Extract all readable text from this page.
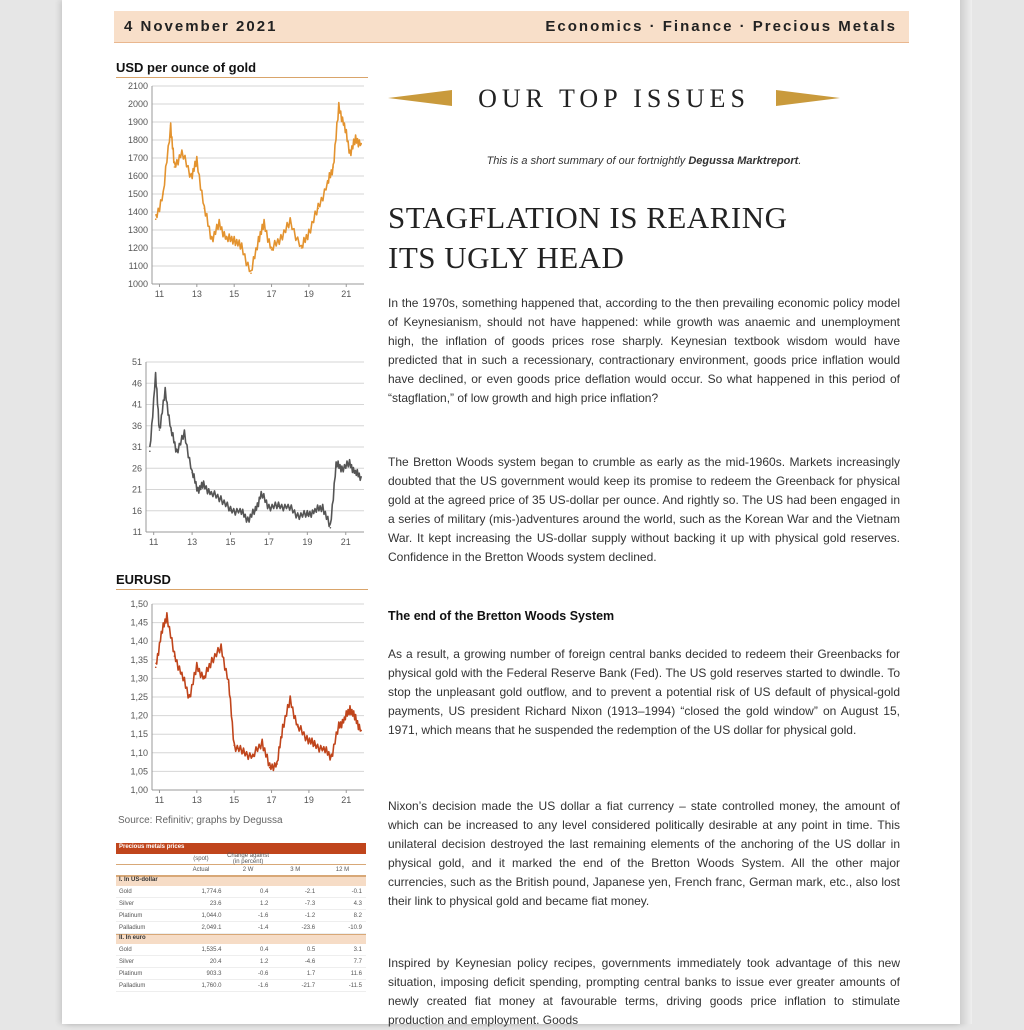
4 November 2021	Economics · Finance · Precious Metals
USD per ounce of gold
1000
1100
1200
1300
1400
1500
1600
1700
1800
1900
2000
2100
11	13	15	17	19	21
11
16
21
26
31
36
41
46
51
11	13	15	17	19	21
EURUSD
1,00
1,05
1,10
1,15
1,20
1,25
1,30
1,35
1,40
1,45
1,50
11	13	15	17	19	21
Source: Refinitiv; graphs by Degussa
Precious metals prices
(spot)	Change against (in percent)
Actual	2 W	3 M	12 M
I. In US-dollar
Gold	1,774.6	0.4	-2.1	-0.1
Silver	23.6	1.2	-7.3	4.3
Platinum	1,044.0	-1.6	-1.2	8.2
Palladium	2,049.1	-1.4	-23.6	-10.9
II. In euro
Gold	1,535.4	0.4	0.5	3.1
Silver	20.4	1.2	-4.6	7.7
Platinum	903.3	-0.6	1.7	11.6
Palladium	1,760.0	-1.6	-21.7	-11.5
OUR TOP ISSUES
This is a short summary of our fortnightly Degussa Marktreport.
STAGFLATION IS REARING
ITS UGLY HEAD
In the 1970s, something happened that, according to the then prevailing economic policy model of Keynesianism, should not have happened: while growth was anaemic and unemployment high, the inflation of goods prices rose sharply. Keynesian textbook wisdom would have predicted that in such a recessionary, contractionary environment, goods price inflation would have declined, or even goods price deflation would occur. So what happened in this period of “stagflation,” of low growth and high price inflation?
The Bretton Woods system began to crumble as early as the mid-1960s. Markets increasingly doubted that the US government would keep its promise to redeem the Greenback for physical gold at the agreed price of 35 US-dollar per ounce. And rightly so. The US had been engaged in a series of military (mis-)adventures around the world, such as the Korean War and the Vietnam War. It kept increasing the US-dollar supply without backing it up with physical gold reserves. Confidence in the Bretton Woods system declined.
The end of the Bretton Woods System
As a result, a growing number of foreign central banks decided to redeem their Greenbacks for physical gold with the Federal Reserve Bank (Fed). The US gold reserves started to dwindle. To stop the unpleasant gold outflow, and to prevent a potential risk of US default of physical-gold payments, US president Richard Nixon (1913–1994) “closed the gold window” on August 15, 1971, which means that he suspended the redemption of the US dollar for physical gold.
Nixon’s decision made the US dollar a fiat currency – state controlled money, the amount of which can be increased to any level considered politically desirable at any point in time. This unilateral decision destroyed the last remaining elements of the anchoring of the US dollar in physical gold, and it marked the end of the Bretton Woods System. All the other major currencies, such as the British pound, Japanese yen, French franc, German mark, etc., also lost their link to physical gold and became fiat money.
Inspired by Keynesian policy recipes, governments immediately took advantage of this new situation, imposing deficit spending, prompting central banks to issue ever greater amounts of newly created fiat money at favourable terms, driving goods price inflation to stimulate production and employment. Goods
